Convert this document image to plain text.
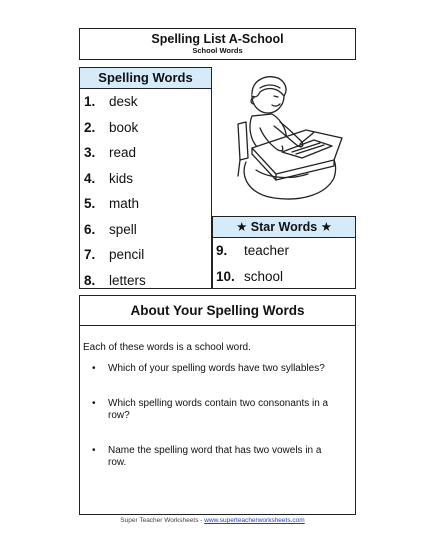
Spelling List A-School
School Words
Spelling Words
1.	desk
2.	book
3.	read
4.	kids
5.	math
6.	spell
7.	pencil
8.	letters
★ Star Words ★
9.	teacher
10. school
About Your Spelling Words
Each of these words is a school word.
• Which of your spelling words have two syllables?
• Which spelling words contain two consonants in a row?
• Name the spelling word that has two vowels in a row.
Super Teacher Worksheets - www.superteacherworksheets.com
